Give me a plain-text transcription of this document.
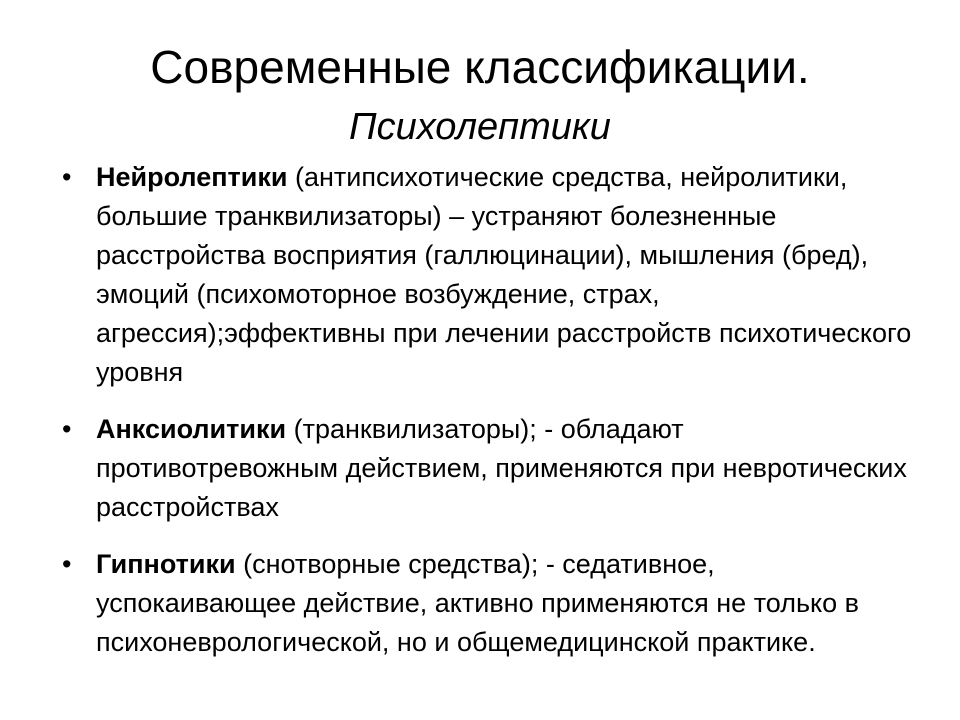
Современные классификации.
Психолептики
• Нейролептики (антипсихотические средства, нейролитики, большие транквилизаторы) – устраняют болезненные расстройства восприятия (галлюцинации), мышления (бред), эмоций (психомоторное возбуждение, страх, агрессия);эффективны при лечении расстройств психотического уровня
• Анксиолитики (транквилизаторы); - обладают противотревожным действием, применяются при невротических расстройствах
• Гипнотики (снотворные средства); - седативное, успокаивающее действие, активно применяются не только в психоневрологической, но и общемедицинской практике.
